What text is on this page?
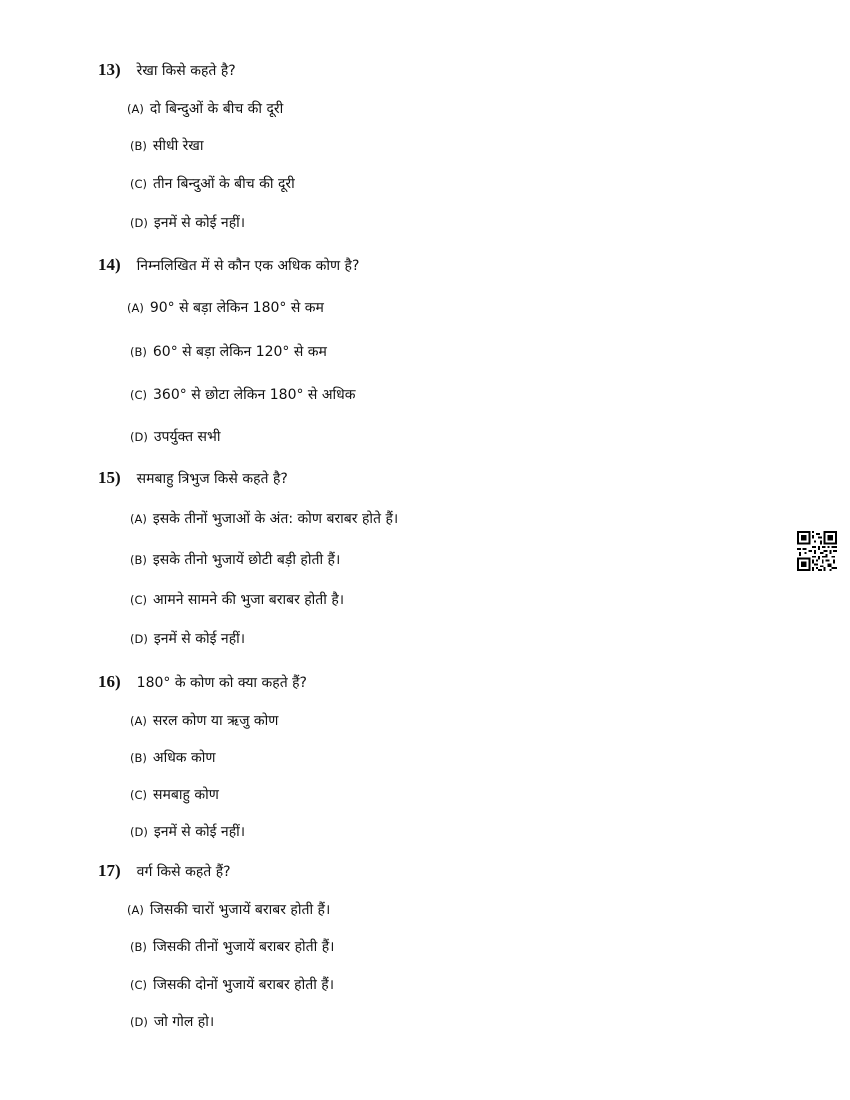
13) रेखा किसे कहते है?
(A) दो बिन्दुओं के बीच की दूरी
(B) सीधी रेखा
(C) तीन बिन्दुओं के बीच की दूरी
(D) इनमें से कोई नहीं।
14) निम्नलिखित में से कौन एक अधिक कोण है?
(A) 90° से बड़ा लेकिन 180° से कम
(B) 60° से बड़ा लेकिन 120° से कम
(C) 360° से छोटा लेकिन 180° से अधिक
(D) उपर्युक्त सभी
15) समबाहु त्रिभुज किसे कहते है?
(A) इसके तीनों भुजाओं के अंत: कोण बराबर होते हैं।
(B) इसके तीनो भुजायें छोटी बड़ी होती हैं।
(C) आमने सामने की भुजा बराबर होती है।
(D) इनमें से कोई नहीं।
16) 180° के कोण को क्या कहते हैं?
(A) सरल कोण या ऋजु कोण
(B) अधिक कोण
(C) समबाहु कोण
(D) इनमें से कोई नहीं।
17) वर्ग किसे कहते हैं?
(A) जिसकी चारों भुजायें बराबर होती हैं।
(B) जिसकी तीनों भुजायें बराबर होती हैं।
(C) जिसकी दोनों भुजायें बराबर होती हैं।
(D) जो गोल हो।
